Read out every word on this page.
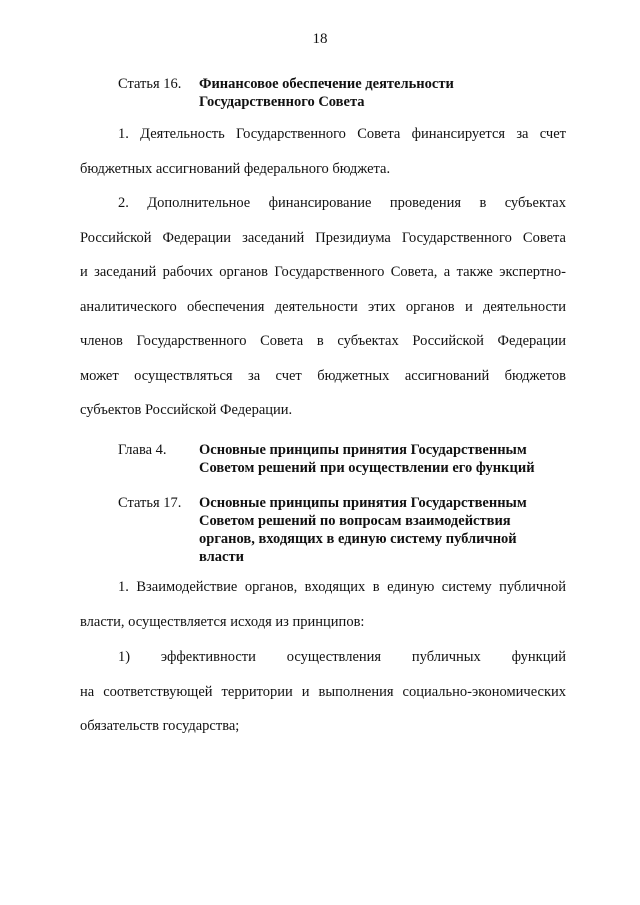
18
Статья 16.	Финансовое обеспечение деятельности
Государственного Совета
1. Деятельность Государственного Совета финансируется за счет
бюджетных ассигнований федерального бюджета.
2. Дополнительное финансирование проведения в субъектах
Российской Федерации заседаний Президиума Государственного Совета
и заседаний рабочих органов Государственного Совета, а также экспертно-
аналитического обеспечения деятельности этих органов и деятельности
членов Государственного Совета в субъектах Российской Федерации
может осуществляться за счет бюджетных ассигнований бюджетов
субъектов Российской Федерации.
Глава 4.	Основные принципы принятия Государственным
Советом решений при осуществлении его функций
Статья 17.	Основные принципы принятия Государственным
Советом решений по вопросам взаимодействия
органов, входящих в единую систему публичной
власти
1. Взаимодействие органов, входящих в единую систему публичной
власти, осуществляется исходя из принципов:
1) эффективности осуществления публичных функций
на соответствующей территории и выполнения социально-экономических
обязательств государства;
